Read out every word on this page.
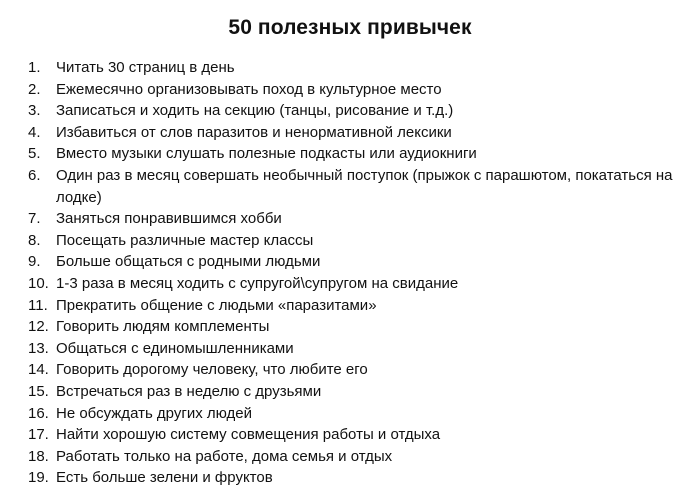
50 полезных привычек
1. Читать 30 страниц в день
2. Ежемесячно организовывать поход в культурное место
3. Записаться и ходить на секцию (танцы, рисование и т.д.)
4. Избавиться от слов паразитов и ненормативной лексики
5. Вместо музыки слушать полезные подкасты или аудиокниги
6. Один раз в месяц совершать необычный поступок (прыжок с парашютом, покататься на лодке)
7. Заняться понравившимся хобби
8. Посещать различные мастер классы
9. Больше общаться с родными людьми
10. 1-3 раза в месяц ходить с супругой\супругом на свидание
11. Прекратить общение с людьми «паразитами»
12. Говорить людям комплементы
13. Общаться с единомышленниками
14. Говорить дорогому человеку, что любите его
15. Встречаться раз в неделю с друзьями
16. Не обсуждать других людей
17. Найти хорошую систему совмещения работы и отдыха
18. Работать только на работе, дома семья и отдых
19. Есть больше зелени и фруктов
